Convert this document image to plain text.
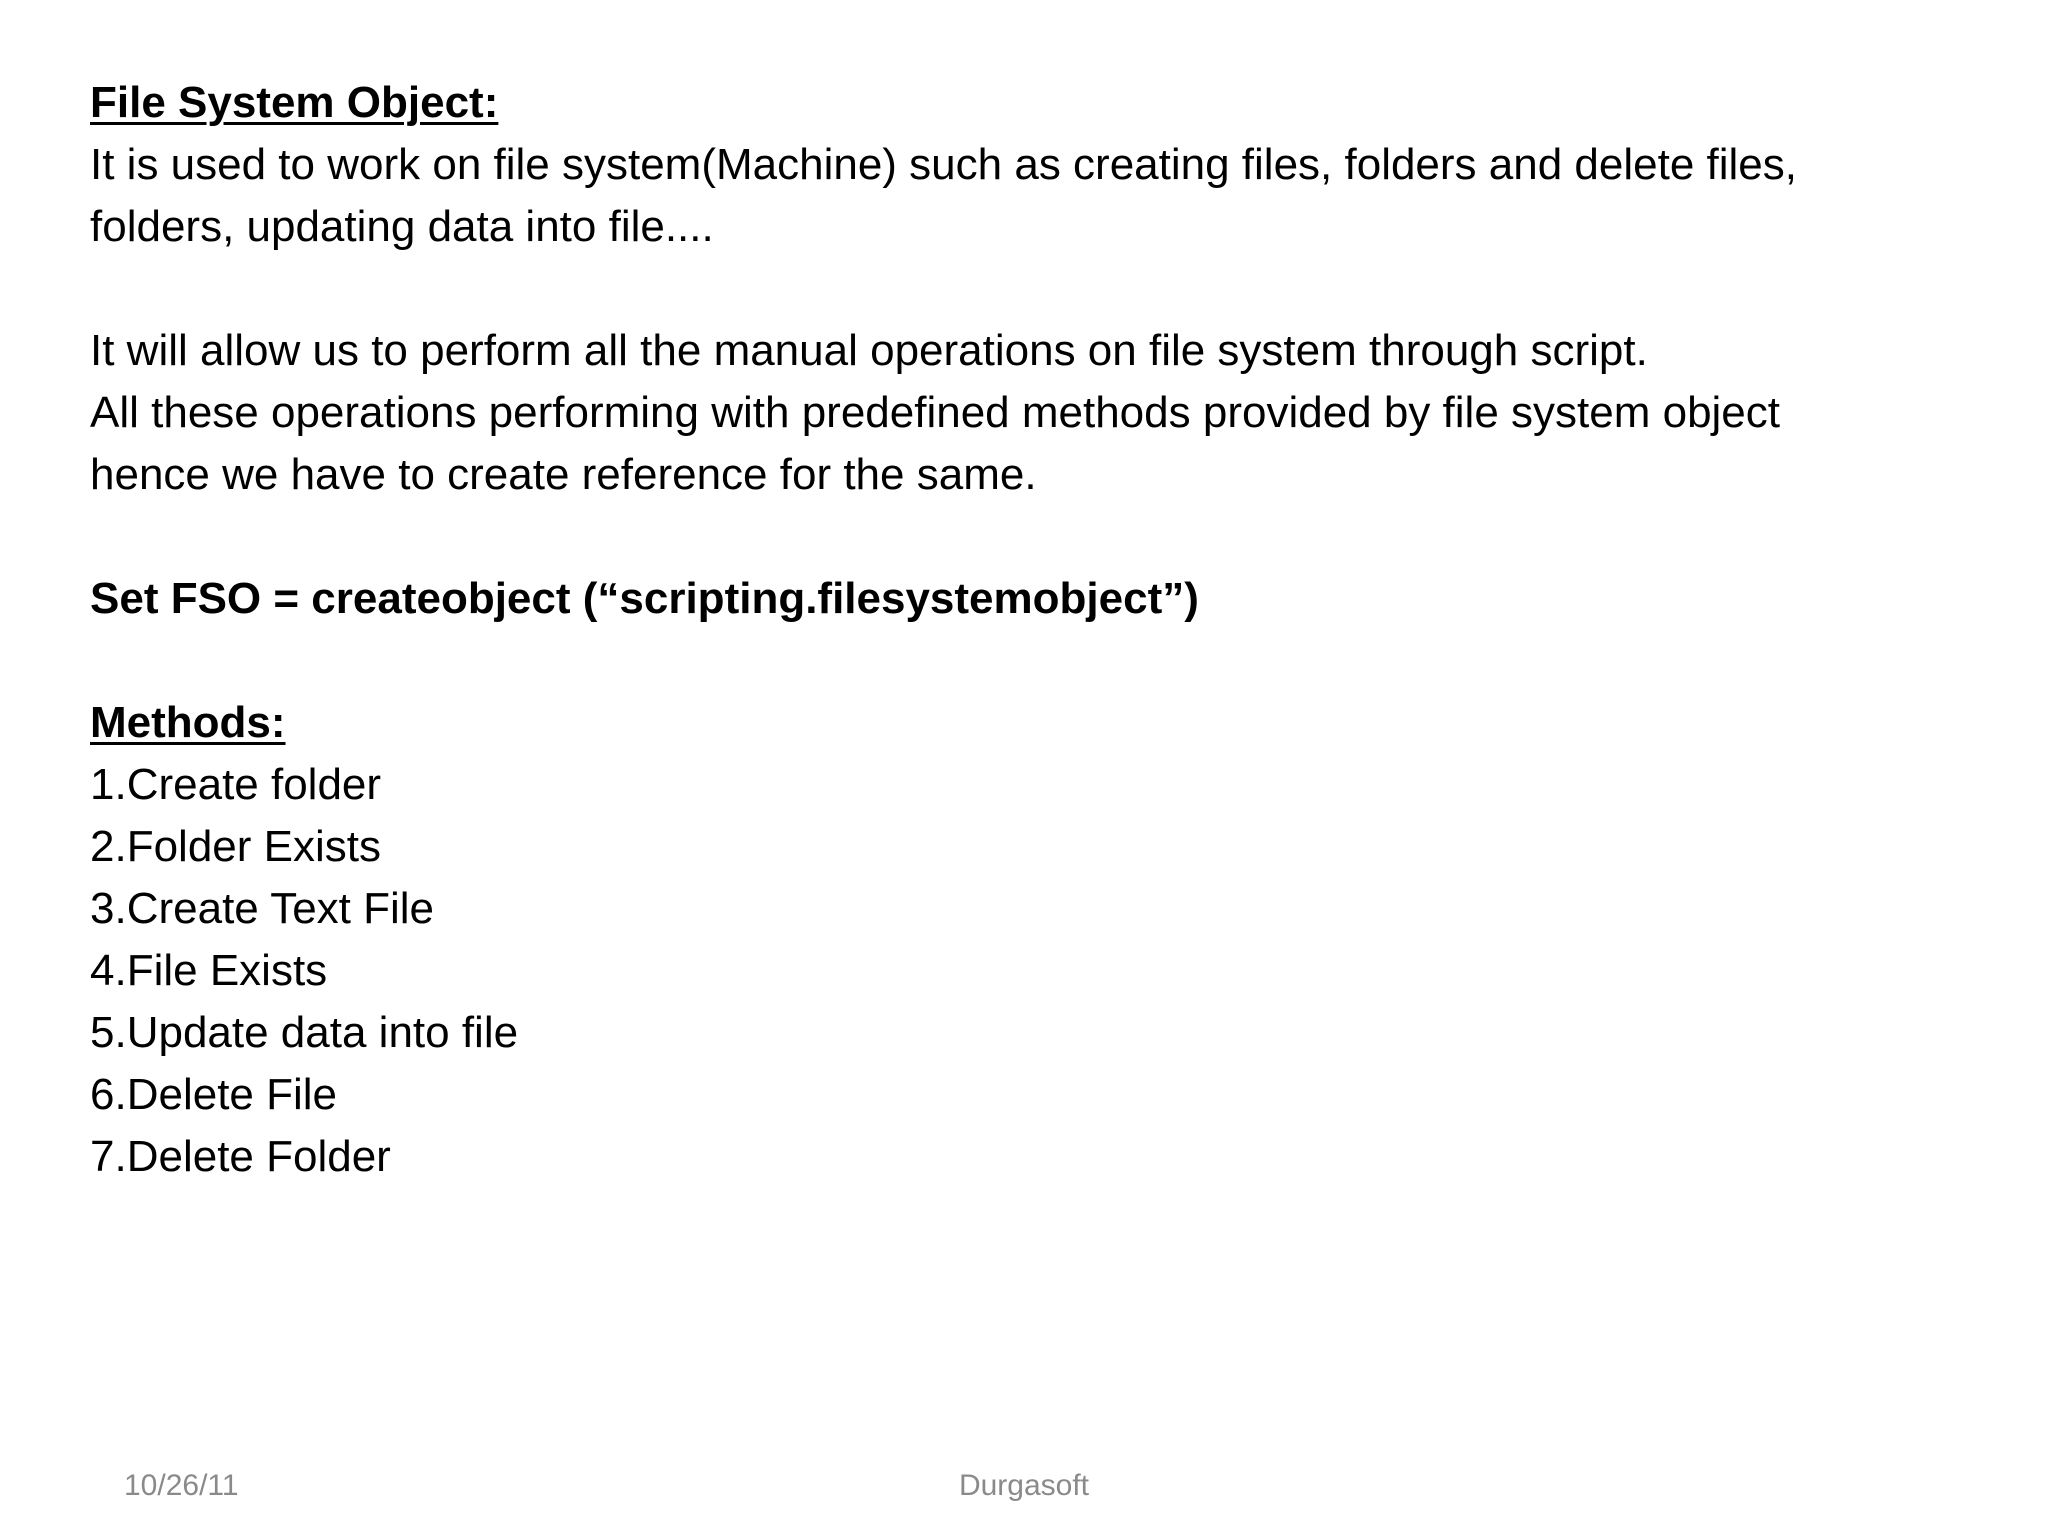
File System Object:
It is used to work on file system(Machine) such as creating files, folders and delete files,
folders, updating data into file....
It will allow us to perform all the manual operations on file system through script.
All these operations performing with predefined methods provided by file system object
hence we have to create reference for the same.
Set FSO = createobject (“scripting.filesystemobject”)
Methods:
1.Create folder
2.Folder Exists
3.Create Text File
4.File Exists
5.Update data into file
6.Delete File
7.Delete Folder
10/26/11	Durgasoft
